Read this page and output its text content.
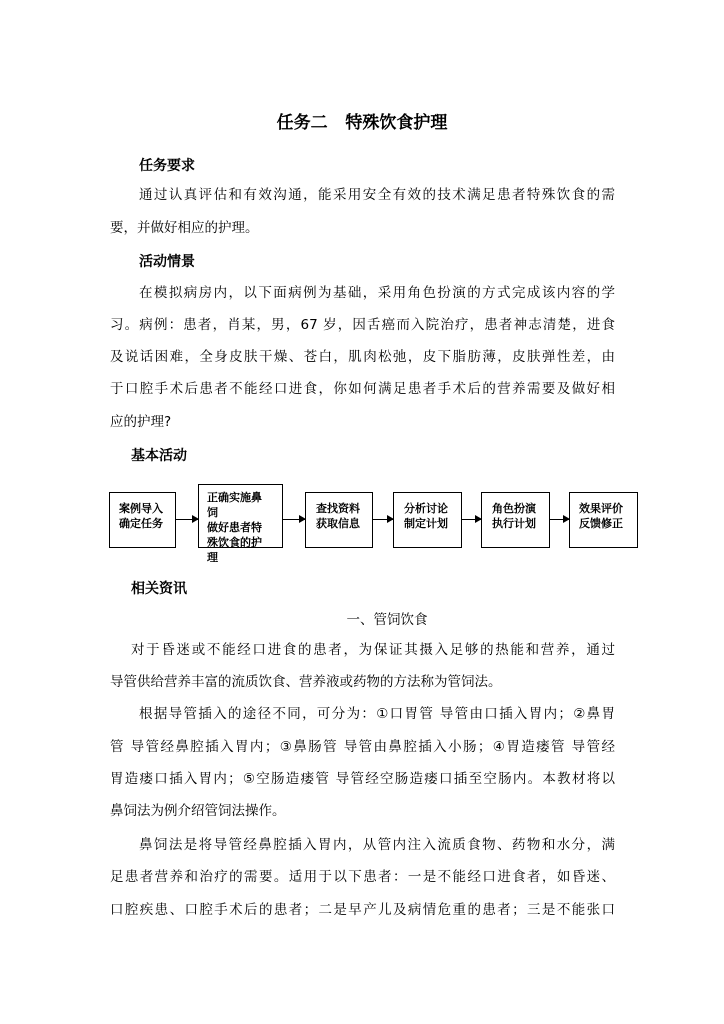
任务二   特殊饮食护理
任务要求
通过认真评估和有效沟通，能采用安全有效的技术满足患者特殊饮食的需
要，并做好相应的护理。
活动情景
在模拟病房内，以下面病例为基础，采用角色扮演的方式完成该内容的学
习。病例：患者，肖某，男，67 岁，因舌癌而入院治疗，患者神志清楚，进食
及说话困难，全身皮肤干燥、苍白，肌肉松弛，皮下脂肪薄，皮肤弹性差，由
于口腔手术后患者不能经口进食，你如何满足患者手术后的营养需要及做好相
应的护理?
基本活动
案例导入
确定任务
正确实施鼻
饲
做好患者特
殊饮食的护
理
查找资料
获取信息
分析讨论
制定计划
角色扮演
执行计划
效果评价
反馈修正
相关资讯
一、管饲饮食
对于昏迷或不能经口进食的患者，为保证其摄入足够的热能和营养，通过
导管供给营养丰富的流质饮食、营养液或药物的方法称为管饲法。
根据导管插入的途径不同，可分为：①口胃管 导管由口插入胃内；②鼻胃
管 导管经鼻腔插入胃内；③鼻肠管 导管由鼻腔插入小肠；④胃造瘘管 导管经
胃造瘘口插入胃内；⑤空肠造瘘管 导管经空肠造瘘口插至空肠内。本教材将以
鼻饲法为例介绍管饲法操作。
鼻饲法是将导管经鼻腔插入胃内，从管内注入流质食物、药物和水分，满
足患者营养和治疗的需要。适用于以下患者：一是不能经口进食者，如昏迷、
口腔疾患、口腔手术后的患者；二是早产儿及病情危重的患者；三是不能张口
